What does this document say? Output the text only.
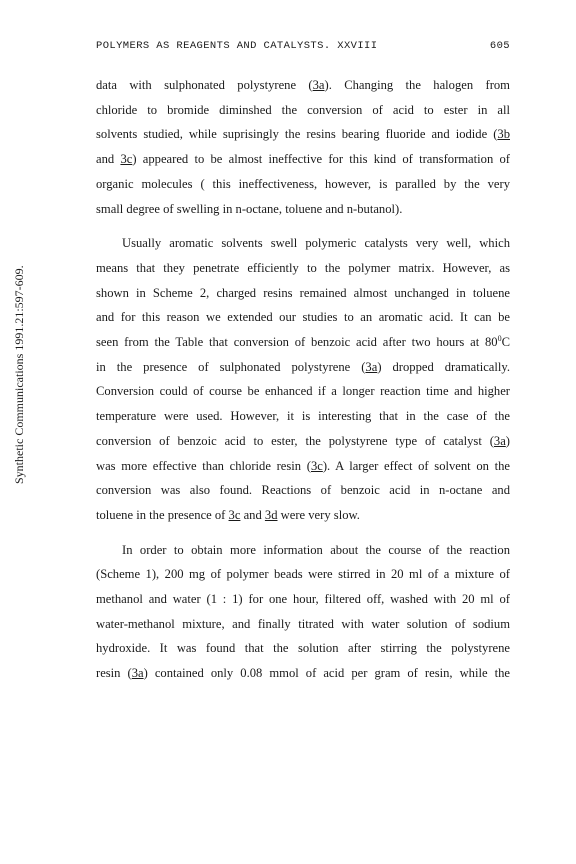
POLYMERS AS REAGENTS AND CATALYSTS. XXVIII	605
Synthetic Communications 1991.21:597-609.

data with sulphonated polystyrene (3a). Changing the halogen from
chloride to bromide diminshed the conversion of acid to ester in all
solvents studied, while suprisingly the resins bearing fluoride and iodide (3b
and 3c) appeared to be almost ineffective for this kind of transformation of
organic molecules ( this ineffectiveness, however, is paralled by the very
small degree of swelling in n-octane, toluene and n-butanol).

Usually aromatic solvents swell polymeric catalysts very well, which
means that they penetrate efficiently to the polymer matrix. However, as
shown in Scheme 2, charged resins remained almost unchanged in toluene
and for this reason we extended our studies to an aromatic acid. It can be
seen from the Table that conversion of benzoic acid after two hours at $80^0C$
in the presence of sulphonated polystyrene (3a) dropped dramatically.
Conversion could of course be enhanced if a longer reaction time and higher
temperature were used. However, it is interesting that in the case of the
conversion of benzoic acid to ester, the polystyrene type of catalyst (3a)
was more effective than chloride resin (3c). A larger effect of solvent on the
conversion was also found. Reactions of benzoic acid in n-octane and
toluene in the presence of 3c and 3d were very slow.

In order to obtain more information about the course of the reaction
(Scheme 1), 200 mg of polymer beads were stirred in 20 ml of a mixture of
methanol and water (1 : 1) for one hour, filtered off, washed with 20 ml of
water-methanol mixture, and finally titrated with water solution of sodium
hydroxide. It was found that the solution after stirring the polystyrene
resin (3a) contained only 0.08 mmol of acid per gram of resin, while the
